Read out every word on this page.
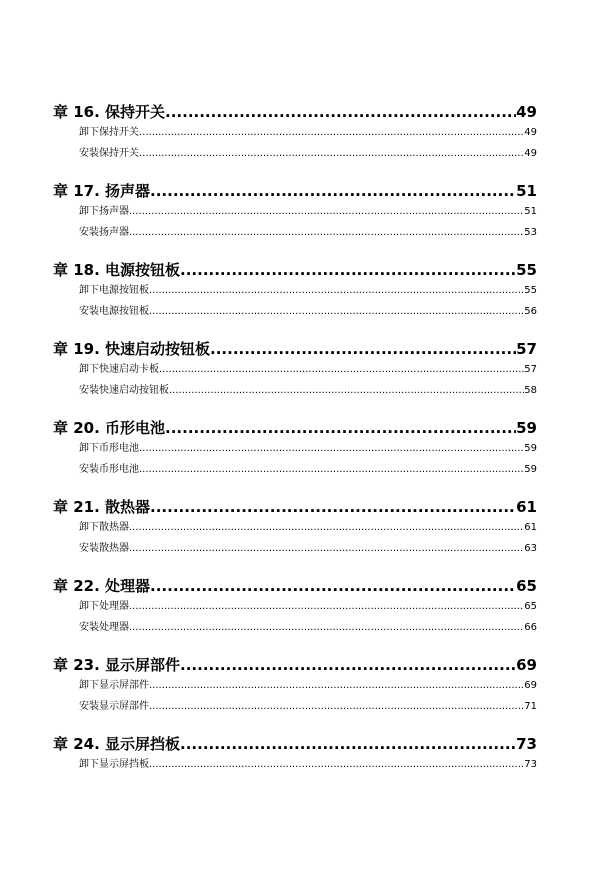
章 16. 保持开关 .....	49
卸下保持开关 .....	49
安装保持开关 .....	49
章 17. 扬声器 .....	51
卸下扬声器 .....	51
安装扬声器 .....	53
章 18. 电源按钮板 .....	55
卸下电源按钮板 .....	55
安装电源按钮板 .....	56
章 19. 快速启动按钮板 .....	57
卸下快速启动卡板 .....	57
安装快速启动按钮板 .....	58
章 20. 币形电池 .....	59
卸下币形电池 .....	59
安装币形电池 .....	59
章 21. 散热器 .....	61
卸下散热器 .....	61
安装散热器 .....	63
章 22. 处理器 .....	65
卸下处理器 .....	65
安装处理器 .....	66
章 23. 显示屏部件 .....	69
卸下显示屏部件 .....	69
安装显示屏部件 .....	71
章 24. 显示屏挡板 .....	73
卸下显示屏挡板 .....	73
